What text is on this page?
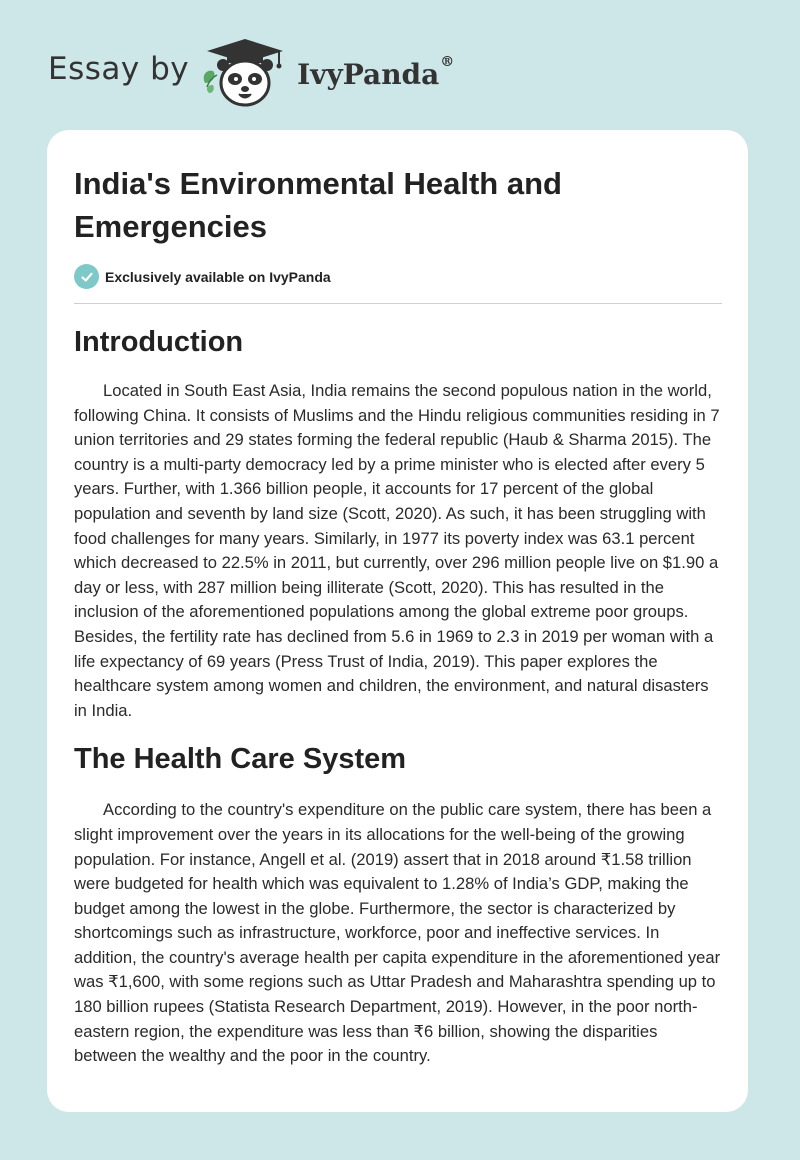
Essay by	IvyPanda®
India's Environmental Health and Emergencies
Exclusively available on IvyPanda
Introduction

Located in South East Asia, India remains the second populous nation in the world, following China. It consists of Muslims and the Hindu religious communities residing in 7 union territories and 29 states forming the federal republic (Haub & Sharma 2015). The country is a multi-party democracy led by a prime minister who is elected after every 5 years. Further, with 1.366 billion people, it accounts for 17 percent of the global population and seventh by land size (Scott, 2020). As such, it has been struggling with food challenges for many years. Similarly, in 1977 its poverty index was 63.1 percent which decreased to 22.5% in 2011, but currently, over 296 million people live on $1.90 a day or less, with 287 million being illiterate (Scott, 2020). This has resulted in the inclusion of the aforementioned populations among the global extreme poor groups. Besides, the fertility rate has declined from 5.6 in 1969 to 2.3 in 2019 per woman with a life expectancy of 69 years (Press Trust of India, 2019). This paper explores the healthcare system among women and children, the environment, and natural disasters in India.

The Health Care System

According to the country's expenditure on the public care system, there has been a slight improvement over the years in its allocations for the well-being of the growing population. For instance, Angell et al. (2019) assert that in 2018 around ₹1.58 trillion were budgeted for health which was equivalent to 1.28% of India’s GDP, making the budget among the lowest in the globe. Furthermore, the sector is characterized by shortcomings such as infrastructure, workforce, poor and ineffective services. In addition, the country's average health per capita expenditure in the aforementioned year was ₹1,600, with some regions such as Uttar Pradesh and Maharashtra spending up to 180 billion rupees (Statista Research Department, 2019). However, in the poor north-eastern region, the expenditure was less than ₹6 billion, showing the disparities between the wealthy and the poor in the country.
